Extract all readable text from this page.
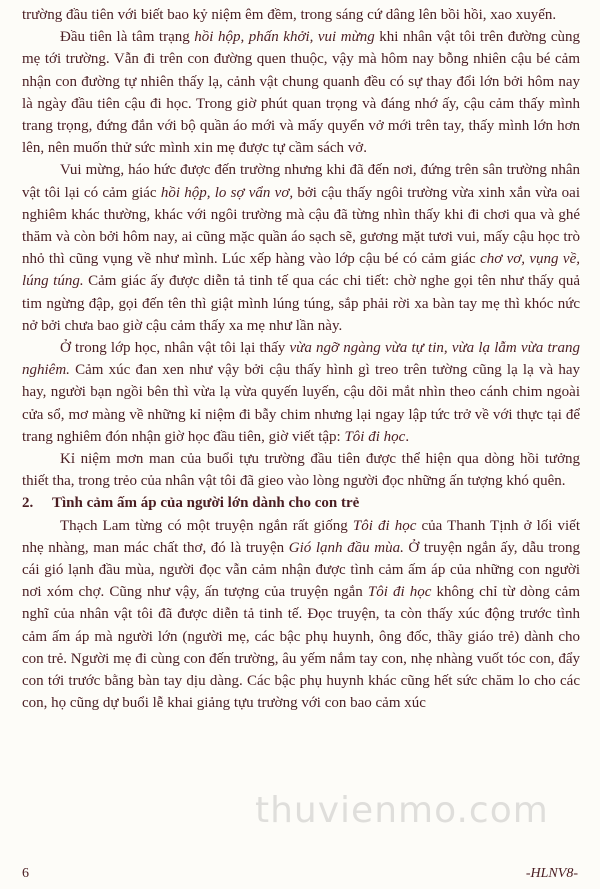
trường đầu tiên với biết bao kỷ niệm êm đềm, trong sáng cứ dâng lên bồi hồi, xao xuyến.

Đầu tiên là tâm trạng hồi hộp, phấn khởi, vui mừng khi nhân vật tôi trên đường cùng mẹ tới trường. Vẫn đi trên con đường quen thuộc, vậy mà hôm nay bỗng nhiên cậu bé cảm nhận con đường tự nhiên thấy lạ, cảnh vật chung quanh đều có sự thay đổi lớn bởi hôm nay là ngày đầu tiên cậu đi học. Trong giờ phút quan trọng và đáng nhớ ấy, cậu cảm thấy mình trang trọng, đứng đắn với bộ quần áo mới và mấy quyển vở mới trên tay, thấy mình lớn hơn lên, nên muốn thử sức mình xin mẹ được tự cầm sách vở.

Vui mừng, háo hức được đến trường nhưng khi đã đến nơi, đứng trên sân trường nhân vật tôi lại có cảm giác hồi hộp, lo sợ vẩn vơ, bởi cậu thấy ngôi trường vừa xinh xắn vừa oai nghiêm khác thường, khác với ngôi trường mà cậu đã từng nhìn thấy khi đi chơi qua và ghé thăm và còn bởi hôm nay, ai cũng mặc quần áo sạch sẽ, gương mặt tươi vui, mấy cậu học trò nhỏ thì cũng vụng về như mình. Lúc xếp hàng vào lớp cậu bé có cảm giác chơ vơ, vụng về, lúng túng. Cảm giác ấy được diễn tả tinh tế qua các chi tiết: chờ nghe gọi tên như thấy quả tim ngừng đập, gọi đến tên thì giật mình lúng túng, sắp phải rời xa bàn tay mẹ thì khóc nức nở bởi chưa bao giờ cậu cảm thấy xa mẹ như lần này.

Ở trong lớp học, nhân vật tôi lại thấy vừa ngỡ ngàng vừa tự tin, vừa lạ lẫm vừa trang nghiêm. Cảm xúc đan xen như vậy bởi cậu thấy hình gì treo trên tường cũng lạ lạ và hay hay, người bạn ngồi bên thì vừa lạ vừa quyến luyến, cậu dõi mắt nhìn theo cánh chim ngoài cửa sổ, mơ màng về những kỉ niệm đi bẫy chim nhưng lại ngay lập tức trở về với thực tại để trang nghiêm đón nhận giờ học đầu tiên, giờ viết tập: Tôi đi học.

Kỉ niệm mơn man của buổi tựu trường đầu tiên được thể hiện qua dòng hồi tưởng thiết tha, trong trẻo của nhân vật tôi đã gieo vào lòng người đọc những ấn tượng khó quên.

2. Tình cảm ấm áp của người lớn dành cho con trẻ

Thạch Lam từng có một truyện ngắn rất giống Tôi đi học của Thanh Tịnh ở lối viết nhẹ nhàng, man mác chất thơ, đó là truyện Gió lạnh đầu mùa. Ở truyện ngắn ấy, dẫu trong cái gió lạnh đầu mùa, người đọc vẫn cảm nhận được tình cảm ấm áp của những con người nơi xóm chợ. Cũng như vậy, ấn tượng của truyện ngắn Tôi đi học không chỉ từ dòng cảm nghĩ của nhân vật tôi đã được diễn tả tinh tế. Đọc truyện, ta còn thấy xúc động trước tình cảm ấm áp mà người lớn (người mẹ, các bậc phụ huynh, ông đốc, thầy giáo trẻ) dành cho con trẻ. Người mẹ đi cùng con đến trường, âu yếm nắm tay con, nhẹ nhàng vuốt tóc con, đẩy con tới trước bằng bàn tay dịu dàng. Các bậc phụ huynh khác cũng hết sức chăm lo cho các con, họ cũng dự buổi lễ khai giảng tựu trường với con bao cảm xúc

thuvienmo.com
6	-HLNV8-
